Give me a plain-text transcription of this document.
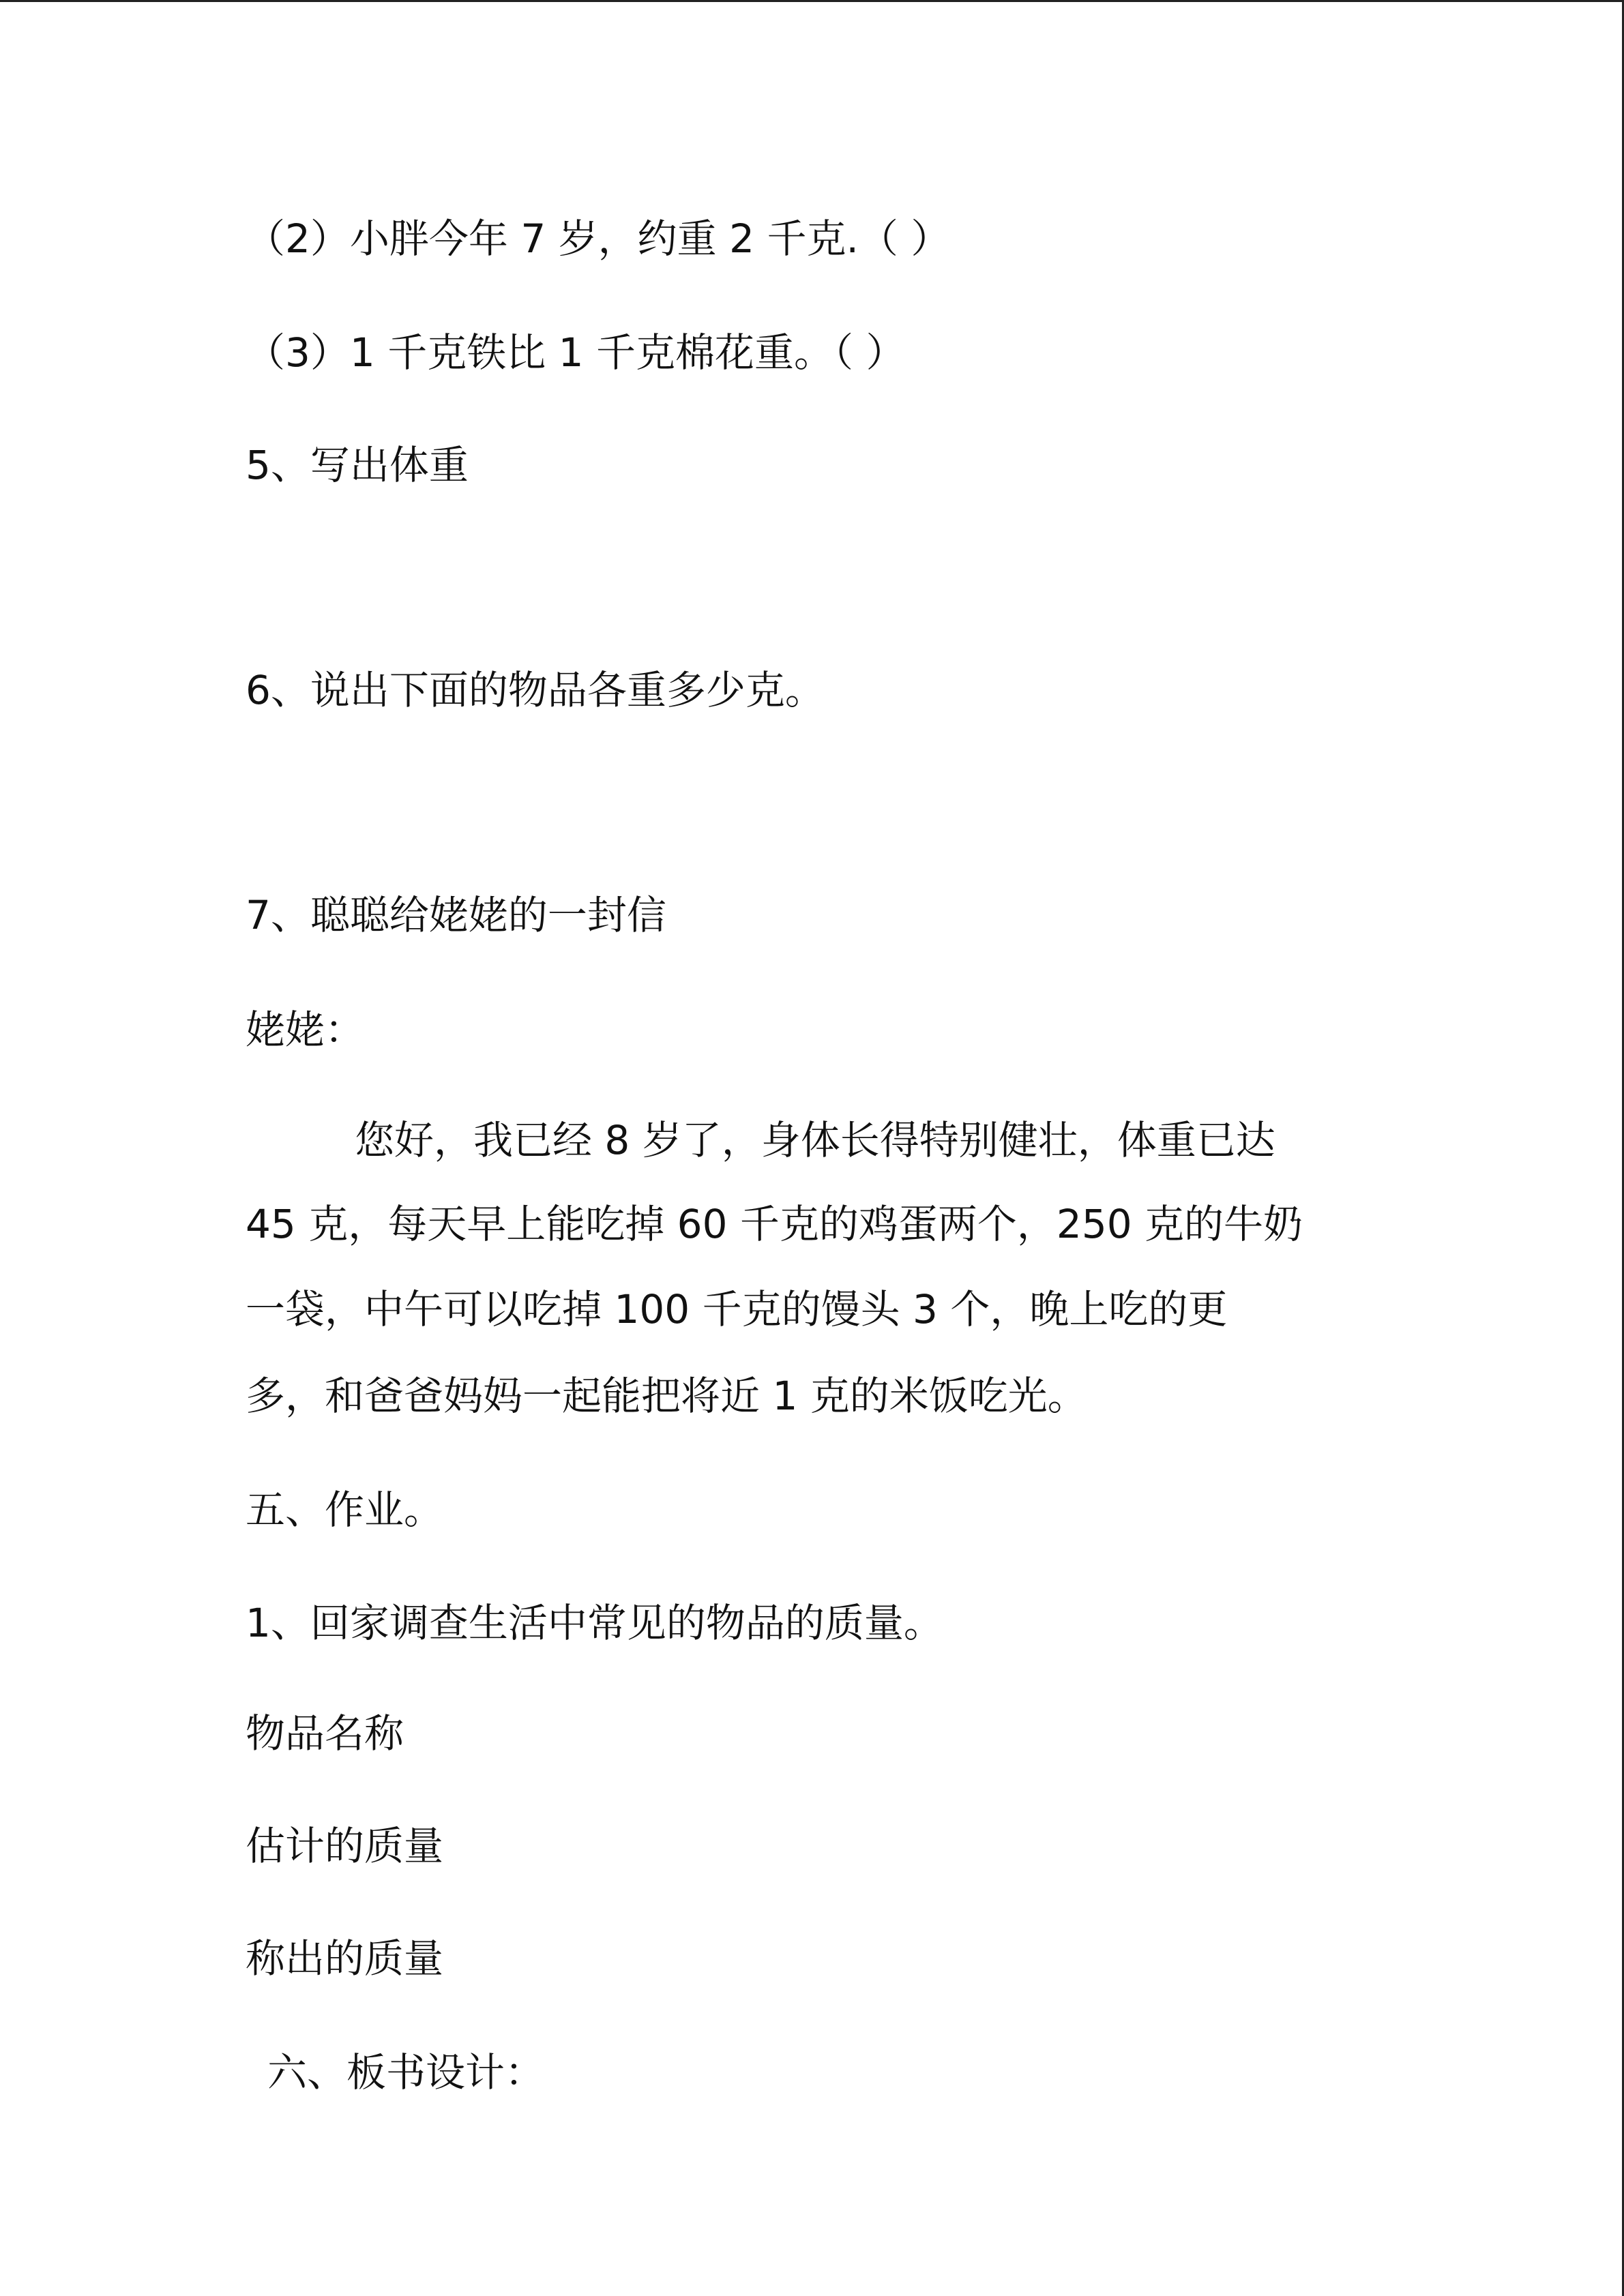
（2）小胖今年 7 岁，约重 2 千克.（ ）

（3）1 千克铁比 1 千克棉花重。（ ）

5、写出体重

6、说出下面的物品各重多少克。

7、聪聪给姥姥的一封信

姥姥：

您好，我已经 8 岁了，身体长得特别健壮，体重已达

45 克，每天早上能吃掉 60 千克的鸡蛋两个，250 克的牛奶

一袋，中午可以吃掉 100 千克的馒头 3 个，晚上吃的更

多，和爸爸妈妈一起能把将近 1 克的米饭吃光。

五、作业。

1、回家调查生活中常见的物品的质量。

物品名称

估计的质量

称出的质量

六、板书设计：
